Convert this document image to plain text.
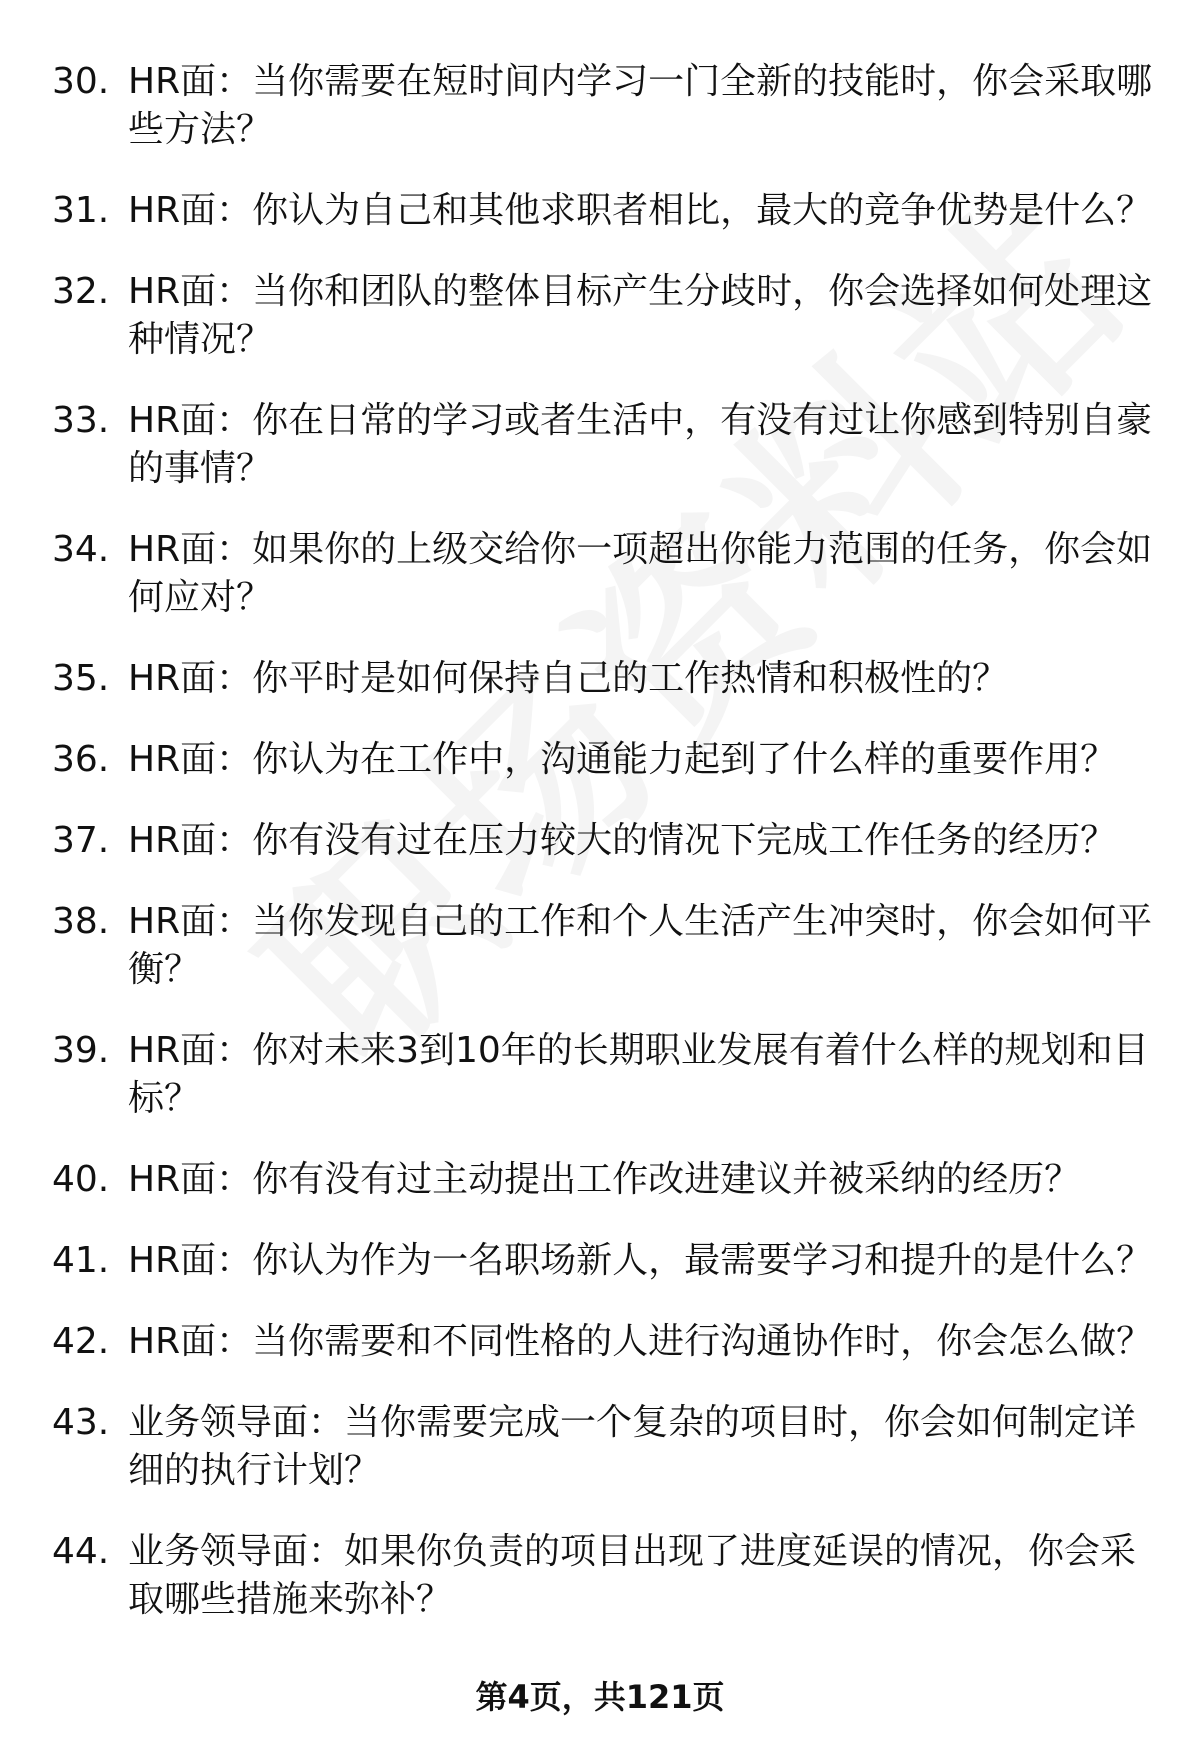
30. HR面：当你需要在短时间内学习一门全新的技能时，你会采取哪些方法？
31. HR面：你认为自己和其他求职者相比，最大的竞争优势是什么？
32. HR面：当你和团队的整体目标产生分歧时，你会选择如何处理这种情况？
33. HR面：你在日常的学习或者生活中，有没有过让你感到特别自豪的事情？
34. HR面：如果你的上级交给你一项超出你能力范围的任务，你会如何应对？
35. HR面：你平时是如何保持自己的工作热情和积极性的？
36. HR面：你认为在工作中，沟通能力起到了什么样的重要作用？
37. HR面：你有没有过在压力较大的情况下完成工作任务的经历？
38. HR面：当你发现自己的工作和个人生活产生冲突时，你会如何平衡？
39. HR面：你对未来3到10年的长期职业发展有着什么样的规划和目标？
40. HR面：你有没有过主动提出工作改进建议并被采纳的经历？
41. HR面：你认为作为一名职场新人，最需要学习和提升的是什么？
42. HR面：当你需要和不同性格的人进行沟通协作时，你会怎么做？
43. 业务领导面：当你需要完成一个复杂的项目时，你会如何制定详细的执行计划？
44. 业务领导面：如果你负责的项目出现了进度延误的情况，你会采取哪些措施来弥补？
第4页，共121页
